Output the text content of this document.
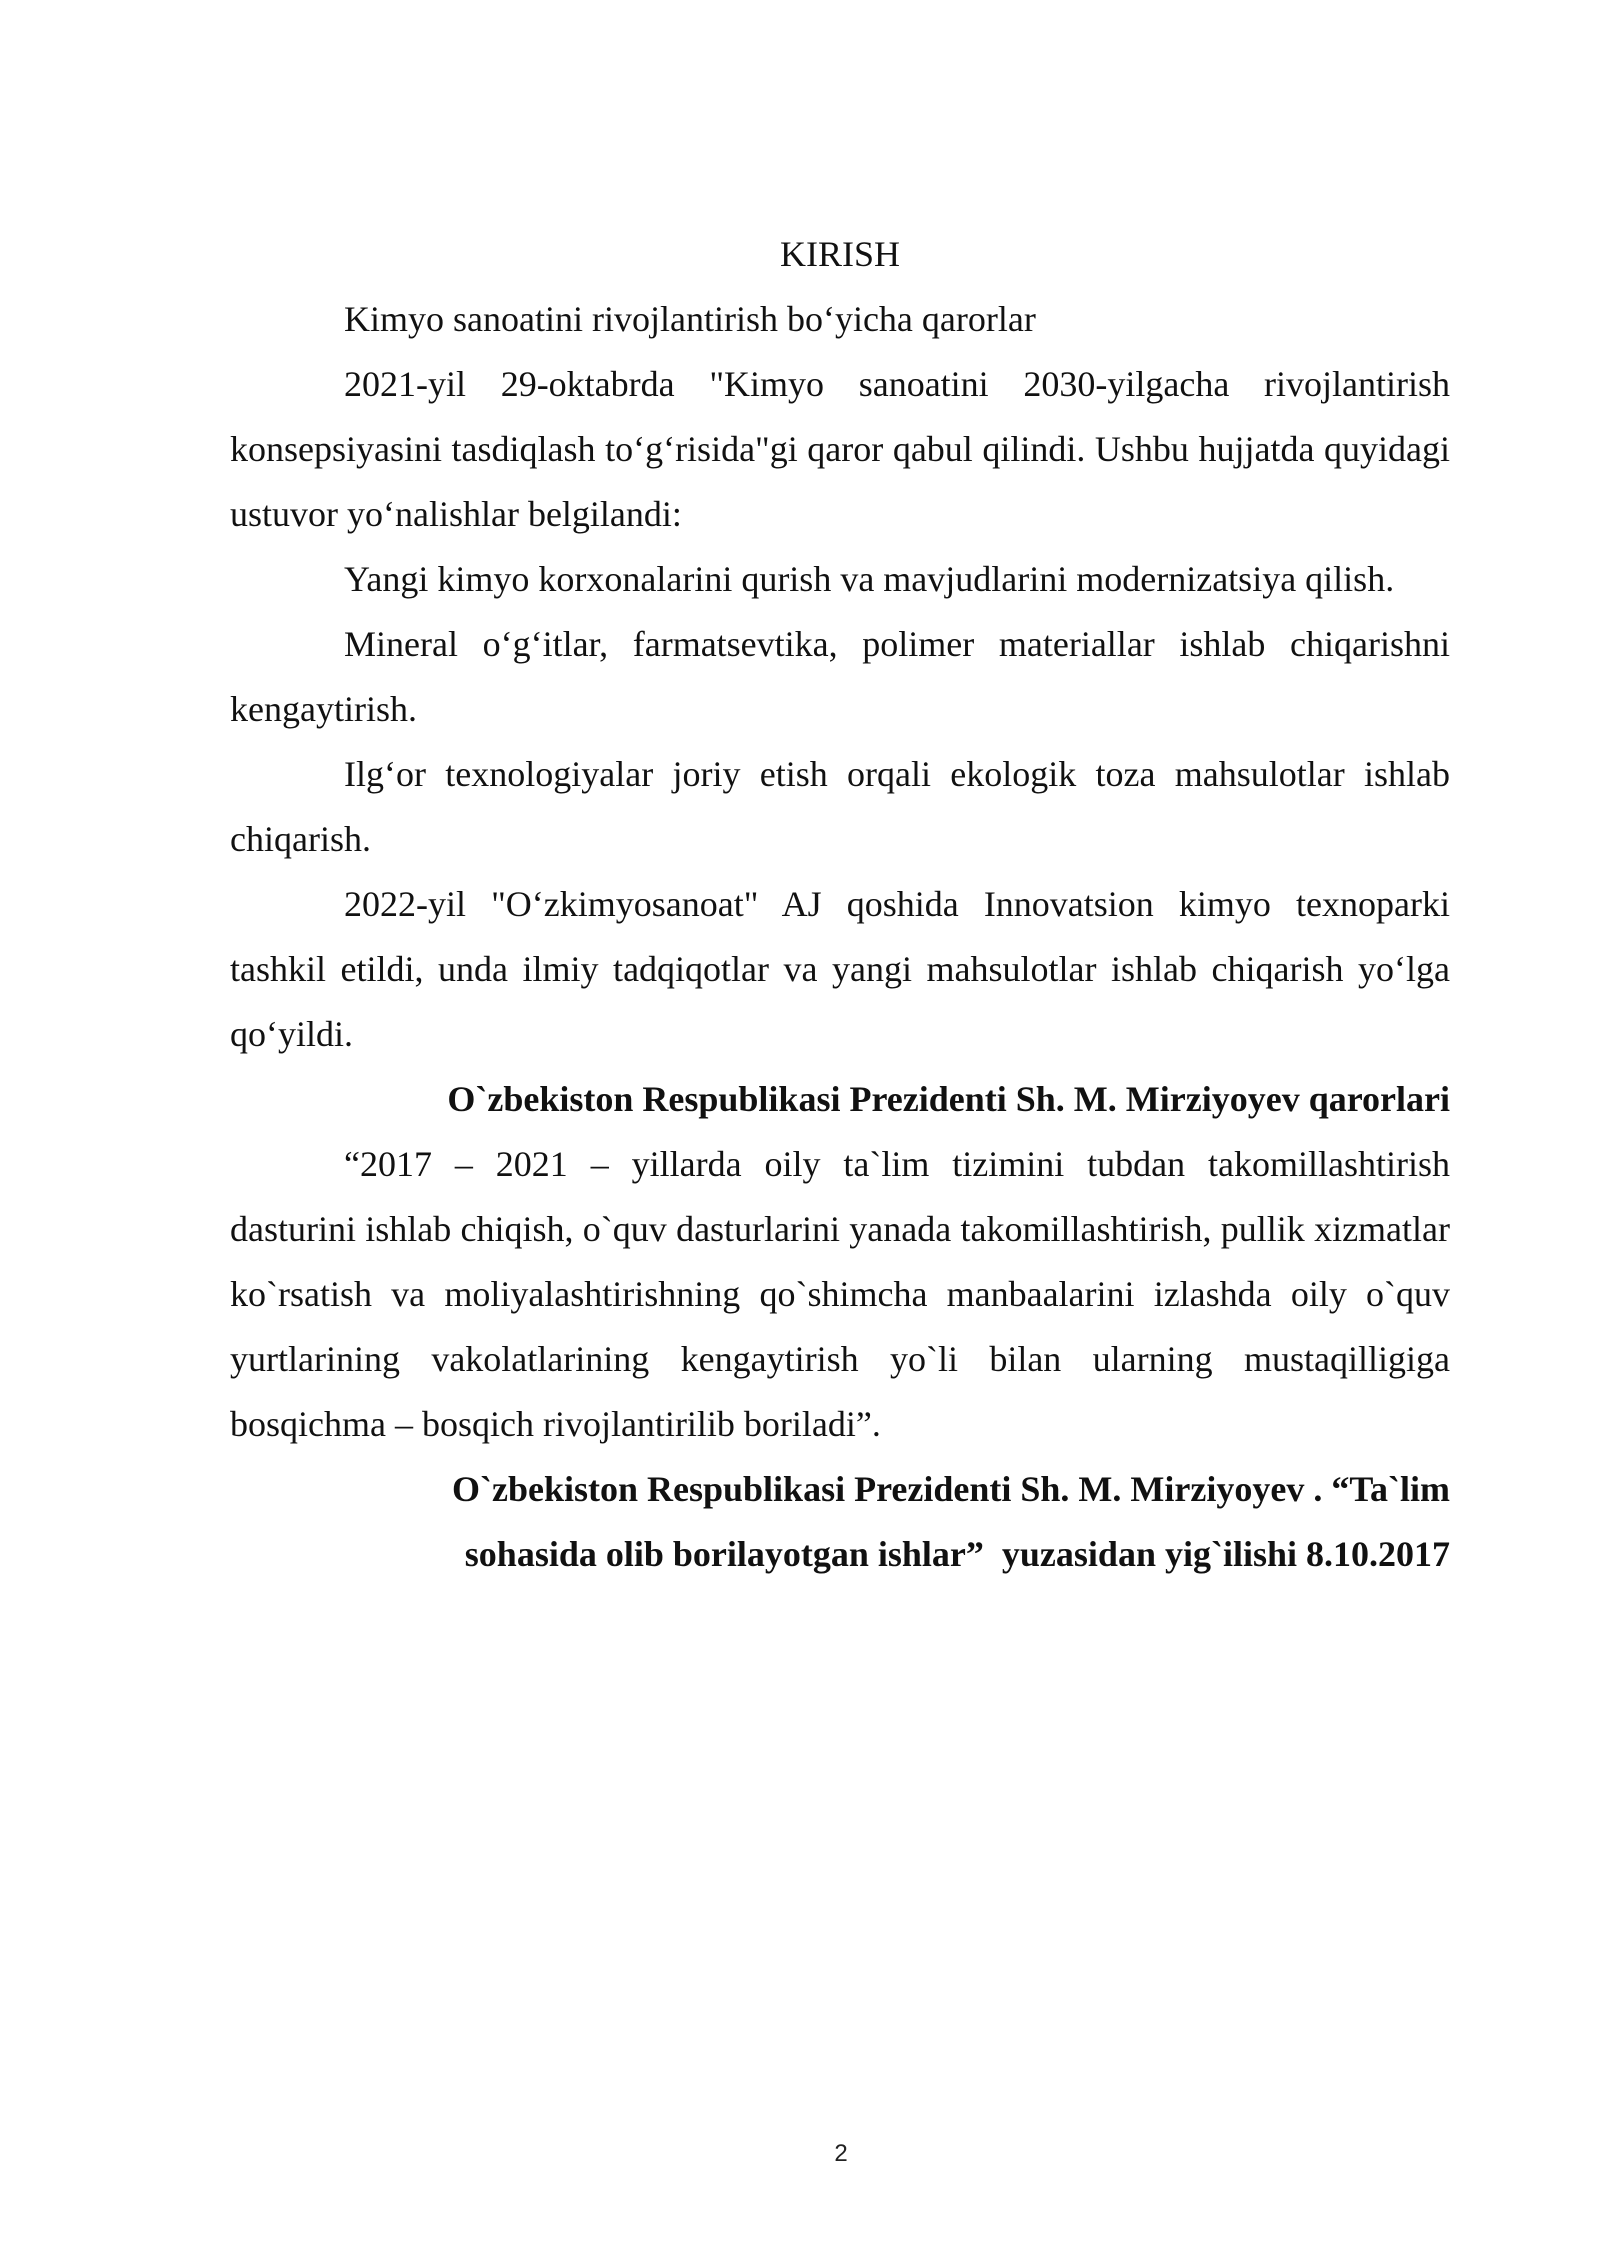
KIRISH

Kimyo sanoatini rivojlantirish bo‘yicha qarorlar

2021-yil 29-oktabrda "Kimyo sanoatini 2030-yilgacha rivojlantirish konsepsiyasini tasdiqlash to‘g‘risida"gi qaror qabul qilindi. Ushbu hujjatda quyidagi ustuvor yo‘nalishlar belgilandi:

Yangi kimyo korxonalarini qurish va mavjudlarini modernizatsiya qilish.

Mineral o‘g‘itlar, farmatsevtika, polimer materiallar ishlab chiqarishni kengaytirish.

Ilg‘or texnologiyalar joriy etish orqali ekologik toza mahsulotlar ishlab chiqarish.

2022-yil "O‘zkimyosanoat" AJ qoshida Innovatsion kimyo texnoparki tashkil etildi, unda ilmiy tadqiqotlar va yangi mahsulotlar ishlab chiqarish yo‘lga qo‘yildi.

O`zbekiston Respublikasi Prezidenti Sh. M. Mirziyoyev qarorlari

“2017 – 2021 – yillarda oily ta`lim tizimini tubdan takomillashtirish dasturini ishlab chiqish, o`quv dasturlarini yanada takomillashtirish, pullik xizmatlar ko`rsatish va moliyalashtirishning qo`shimcha manbaalarini izlashda oily o`quv yurtlarining vakolatlarining kengaytirish yo`li bilan ularning mustaqilligiga bosqichma – bosqich rivojlantirilib boriladi”.

O`zbekiston Respublikasi Prezidenti Sh. M. Mirziyoyev . “Ta`lim

sohasida olib borilayotgan ishlar”  yuzasidan yig`ilishi 8.10.2017

2
